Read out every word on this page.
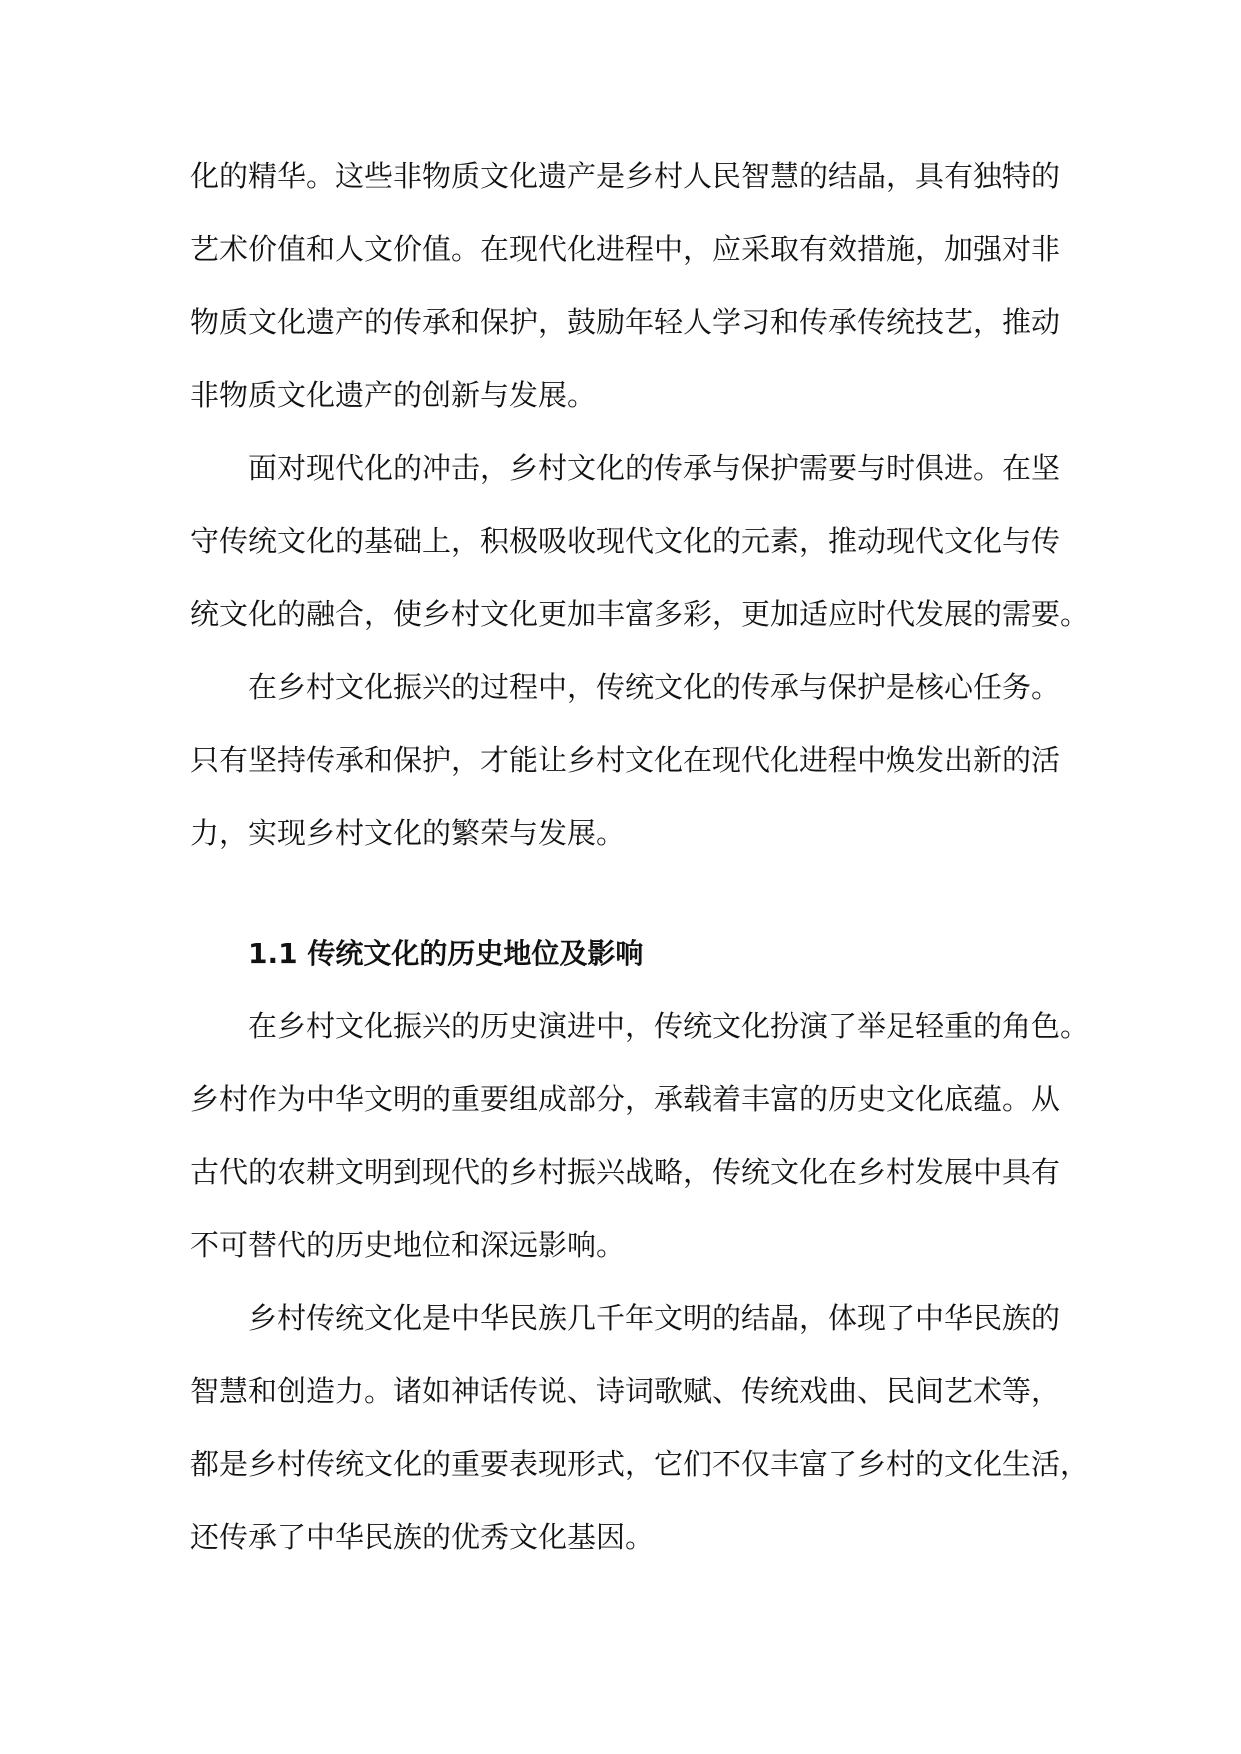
化的精华。这些非物质文化遗产是乡村人民智慧的结晶，具有独特的
艺术价值和人文价值。在现代化进程中，应采取有效措施，加强对非
物质文化遗产的传承和保护，鼓励年轻人学习和传承传统技艺，推动
非物质文化遗产的创新与发展。
面对现代化的冲击，乡村文化的传承与保护需要与时俱进。在坚
守传统文化的基础上，积极吸收现代文化的元素，推动现代文化与传
统文化的融合，使乡村文化更加丰富多彩，更加适应时代发展的需要。
在乡村文化振兴的过程中，传统文化的传承与保护是核心任务。
只有坚持传承和保护，才能让乡村文化在现代化进程中焕发出新的活
力，实现乡村文化的繁荣与发展。
1.1 传统文化的历史地位及影响
在乡村文化振兴的历史演进中，传统文化扮演了举足轻重的角色。
乡村作为中华文明的重要组成部分，承载着丰富的历史文化底蕴。从
古代的农耕文明到现代的乡村振兴战略，传统文化在乡村发展中具有
不可替代的历史地位和深远影响。
乡村传统文化是中华民族几千年文明的结晶，体现了中华民族的
智慧和创造力。诸如神话传说、诗词歌赋、传统戏曲、民间艺术等，
都是乡村传统文化的重要表现形式，它们不仅丰富了乡村的文化生活，
还传承了中华民族的优秀文化基因。
